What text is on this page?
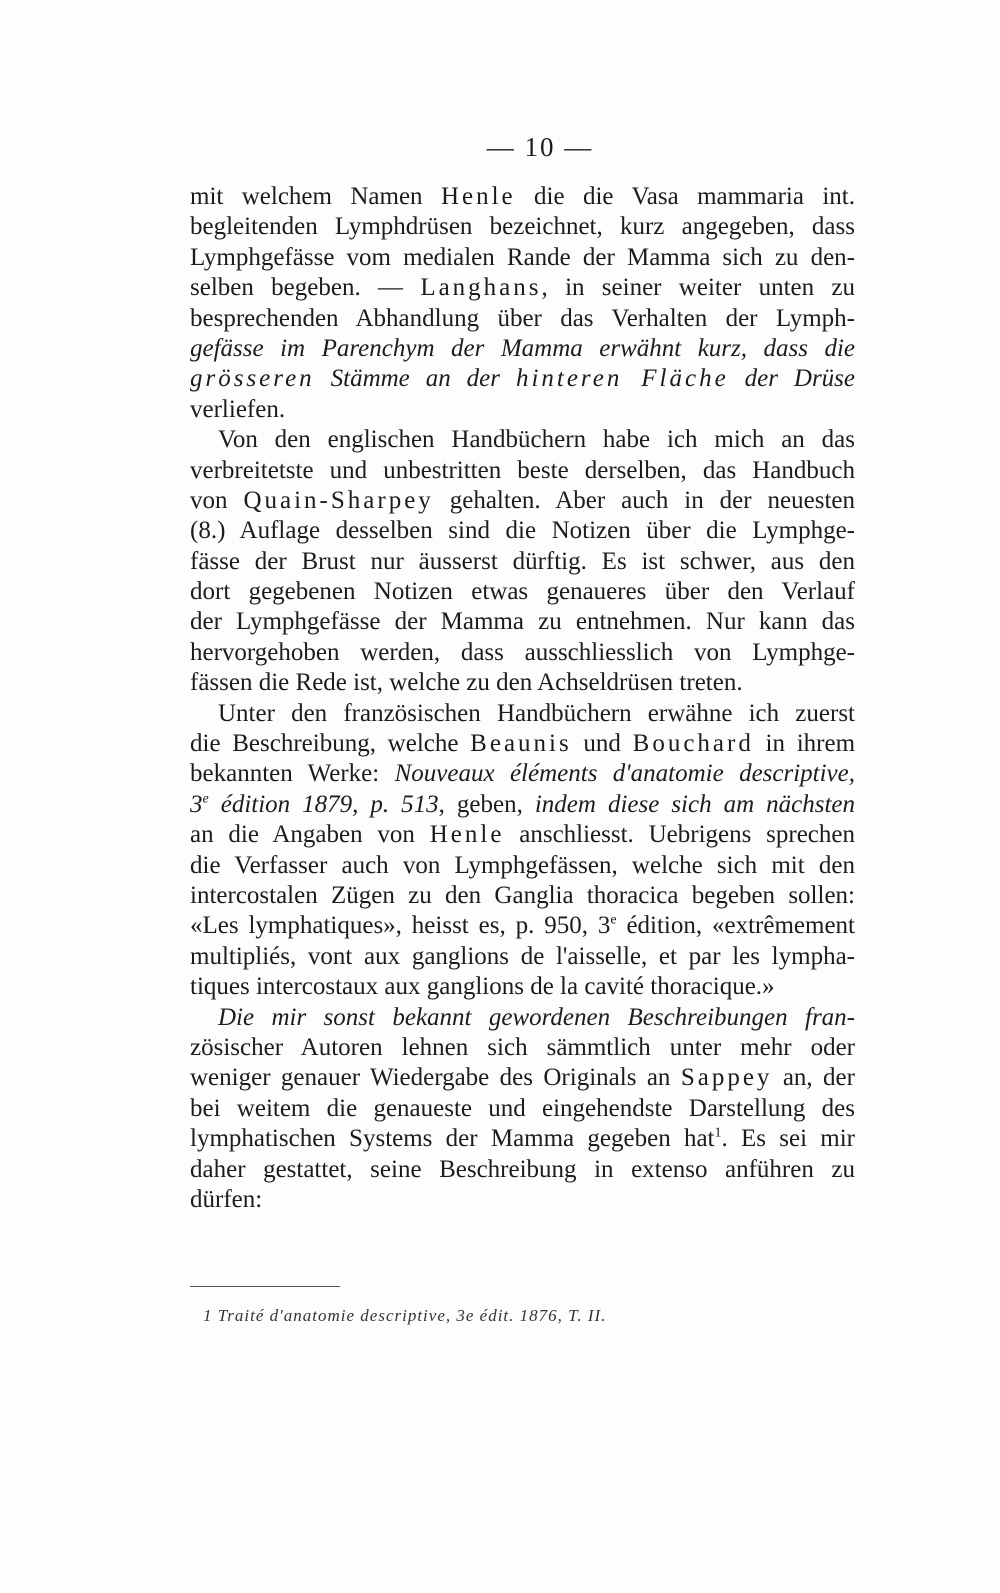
— 10 —
mit welchem Namen Henle die die Vasa mammaria int.
begleitenden Lymphdrüsen bezeichnet, kurz angegeben, dass
Lymphgefässe vom medialen Rande der Mamma sich zu den-
selben begeben. — Langhans, in seiner weiter unten zu
besprechenden Abhandlung über das Verhalten der Lymph-
gefässe im Parenchym der Mamma erwähnt kurz, dass die
grösseren Stämme an der hinteren Fläche der Drüse
verliefen.
Von den englischen Handbüchern habe ich mich an das
verbreitetste und unbestritten beste derselben, das Handbuch
von Quain-Sharpey gehalten. Aber auch in der neuesten
(8.) Auflage desselben sind die Notizen über die Lymphge-
fässe der Brust nur äusserst dürftig. Es ist schwer, aus den
dort gegebenen Notizen etwas genaueres über den Verlauf
der Lymphgefässe der Mamma zu entnehmen. Nur kann das
hervorgehoben werden, dass ausschliesslich von Lymphge-
fässen die Rede ist, welche zu den Achseldrüsen treten.
Unter den französischen Handbüchern erwähne ich zuerst
die Beschreibung, welche Beaunis und Bouchard in ihrem
bekannten Werke: Nouveaux éléments d'anatomie descriptive,
3e édition 1879, p. 513, geben, indem diese sich am nächsten
an die Angaben von Henle anschliesst. Uebrigens sprechen
die Verfasser auch von Lymphgefässen, welche sich mit den
intercostalen Zügen zu den Ganglia thoracica begeben sollen:
«Les lymphatiques», heisst es, p. 950, 3e édition, «extrêmement
multipliés, vont aux ganglions de l'aisselle, et par les lympha-
tiques intercostaux aux ganglions de la cavité thoracique.»
Die mir sonst bekannt gewordenen Beschreibungen fran-
zösischer Autoren lehnen sich sämmtlich unter mehr oder
weniger genauer Wiedergabe des Originals an Sappey an, der
bei weitem die genaueste und eingehendste Darstellung des
lymphatischen Systems der Mamma gegeben hat$^1$. Es sei mir
daher gestattet, seine Beschreibung in extenso anführen zu
dürfen:
1 Traité d'anatomie descriptive, 3e édit. 1876, T. II.
